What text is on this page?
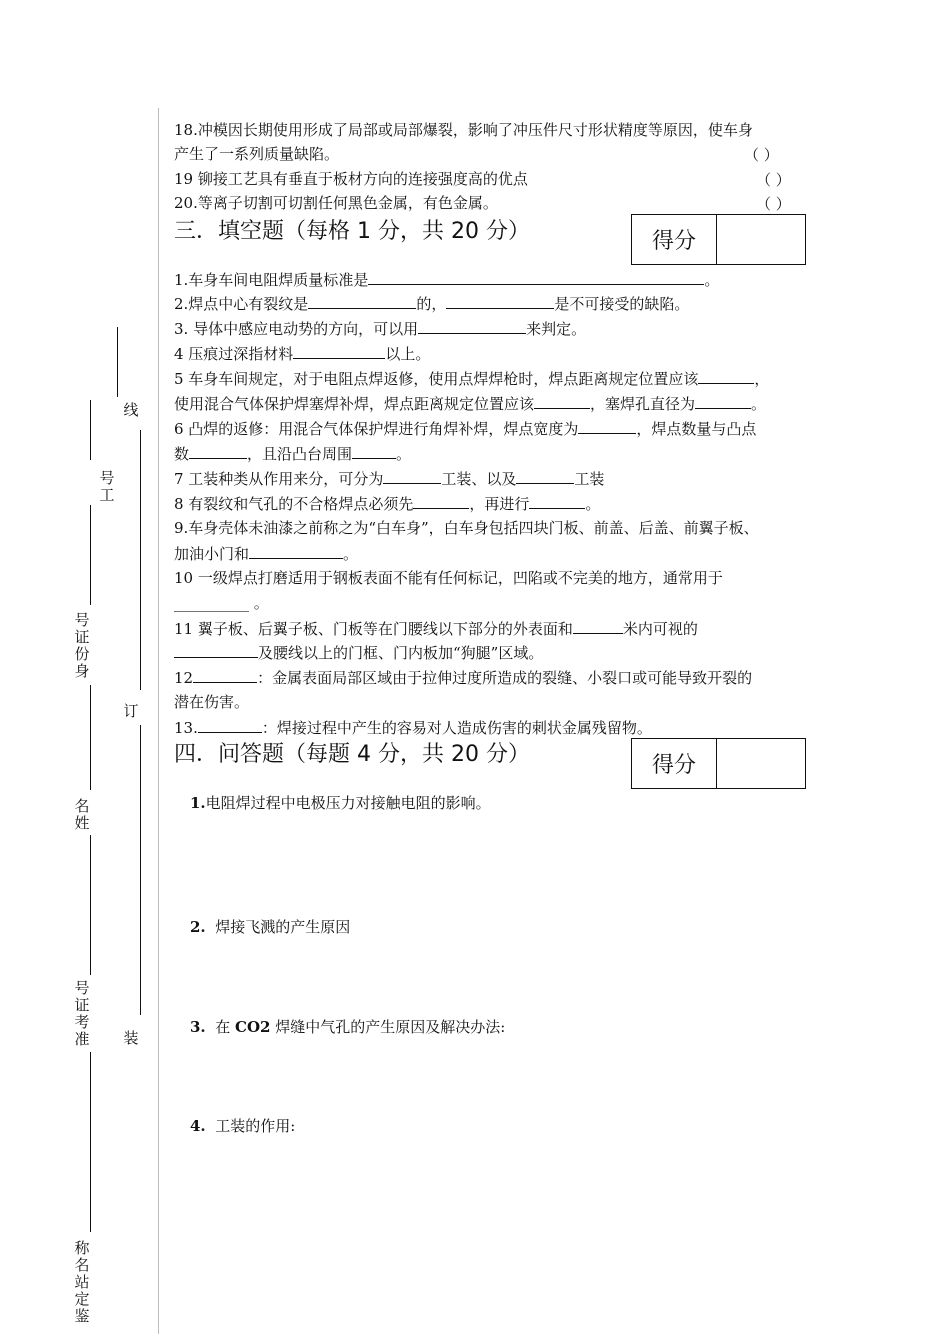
线
订
装
号工
号证份身
名姓
号证考准
称名站定鉴
18.冲模因长期使用形成了局部或局部爆裂，影响了冲压件尺寸形状精度等原因，使车身
产生了一系列质量缺陷。	（ ）
19 铆接工艺具有垂直于板材方向的连接强度高的优点	（ ）
20.等离子切割可切割任何黑色金属，有色金属。	（ ）
三．填空题（每格 1 分，共 20 分）	得分
1.车身车间电阻焊质量标准是	。
2.焊点中心有裂纹是	的，	是不可接受的缺陷。
3. 导体中感应电动势的方向，可以用	来判定。
4 压痕过深指材料	以上。
5 车身车间规定，对于电阻点焊返修，使用点焊焊枪时，焊点距离规定位置应该	，
使用混合气体保护焊塞焊补焊，焊点距离规定位置应该	，塞焊孔直径为	。
6 凸焊的返修：用混合气体保护焊进行角焊补焊，焊点宽度为	，焊点数量与凸点
数	，且沿凸台周围	。
7 工装种类从作用来分，可分为	工装、以及	工装
8 有裂纹和气孔的不合格焊点必须先	，再进行	。
9.车身壳体未油漆之前称之为“白车身”，白车身包括四块门板、前盖、后盖、前翼子板、
加油小门和	。
10 一级焊点打磨适用于钢板表面不能有任何标记，凹陷或不完美的地方，通常用于
__________ 。
11 翼子板、后翼子板、门板等在门腰线以下部分的外表面和	米内可视的
及腰线以上的门框、门内板加“狗腿”区域。
12	：金属表面局部区域由于拉伸过度所造成的裂缝、小裂口或可能导致开裂的
潜在伤害。
13.	：焊接过程中产生的容易对人造成伤害的刺状金属残留物。
四．问答题（每题 4 分，共 20 分）	得分
1.电阻焊过程中电极压力对接触电阻的影响。
2. 焊接飞溅的产生原因
3. 在 CO2 焊缝中气孔的产生原因及解决办法:
4. 工装的作用:
